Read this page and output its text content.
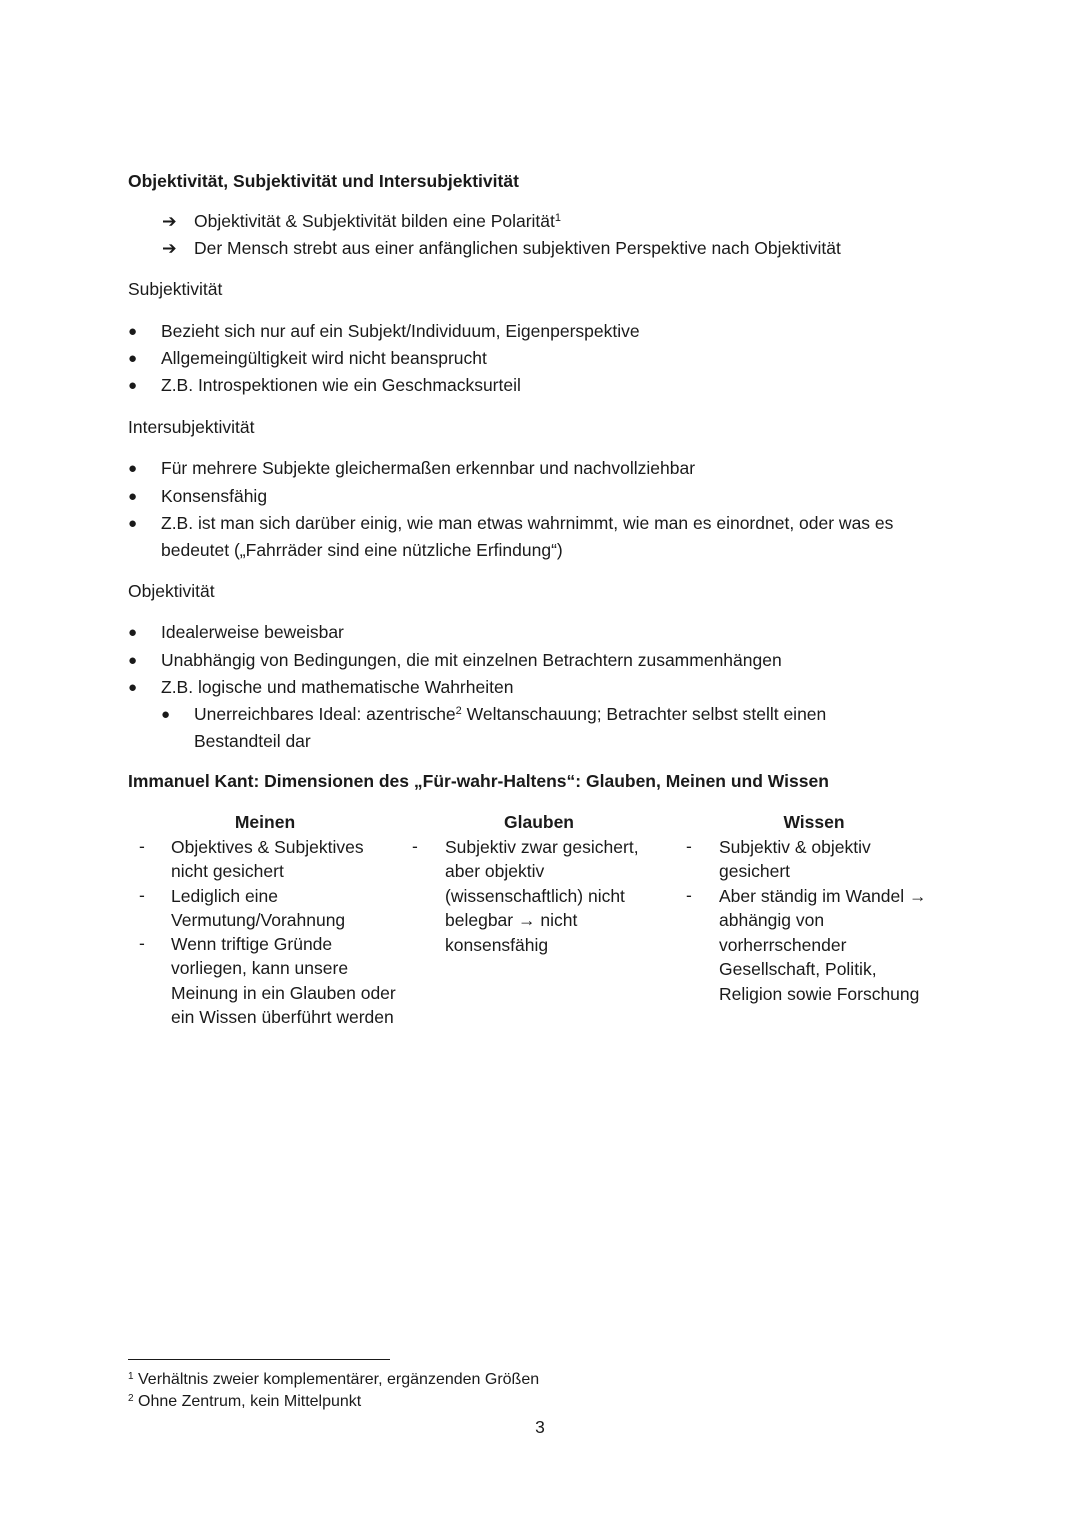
Objektivität, Subjektivität und Intersubjektivität
➔ Objektivität & Subjektivität bilden eine Polarität$^1$
➔ Der Mensch strebt aus einer anfänglichen subjektiven Perspektive nach Objektivität
Subjektivität
● Bezieht sich nur auf ein Subjekt/Individuum, Eigenperspektive
● Allgemeingültigkeit wird nicht beansprucht
● Z.B. Introspektionen wie ein Geschmacksurteil
Intersubjektivität
● Für mehrere Subjekte gleichermaßen erkennbar und nachvollziehbar
● Konsensfähig
● Z.B. ist man sich darüber einig, wie man etwas wahrnimmt, wie man es einordnet, oder was es
bedeutet („Fahrräder sind eine nützliche Erfindung“)
Objektivität
● Idealerweise beweisbar
● Unabhängig von Bedingungen, die mit einzelnen Betrachtern zusammenhängen
● Z.B. logische und mathematische Wahrheiten
● Unerreichbares Ideal: azentrische$^2$ Weltanschauung; Betrachter selbst stellt einen
Bestandteil dar
Immanuel Kant: Dimensionen des „Für-wahr-Haltens“: Glauben, Meinen und Wissen
Meinen	Glauben	Wissen
- Objektives & Subjektives nicht gesichert
- Lediglich eine Vermutung/Vorahnung
- Wenn triftige Gründe vorliegen, kann unsere Meinung in ein Glauben oder ein Wissen überführt werden
- Subjektiv zwar gesichert, aber objektiv (wissenschaftlich) nicht belegbar → nicht konsensfähig
- Subjektiv & objektiv gesichert
- Aber ständig im Wandel → abhängig von vorherrschender Gesellschaft, Politik, Religion sowie Forschung
$^1$ Verhältnis zweier komplementärer, ergänzenden Größen
$^2$ Ohne Zentrum, kein Mittelpunkt
3
